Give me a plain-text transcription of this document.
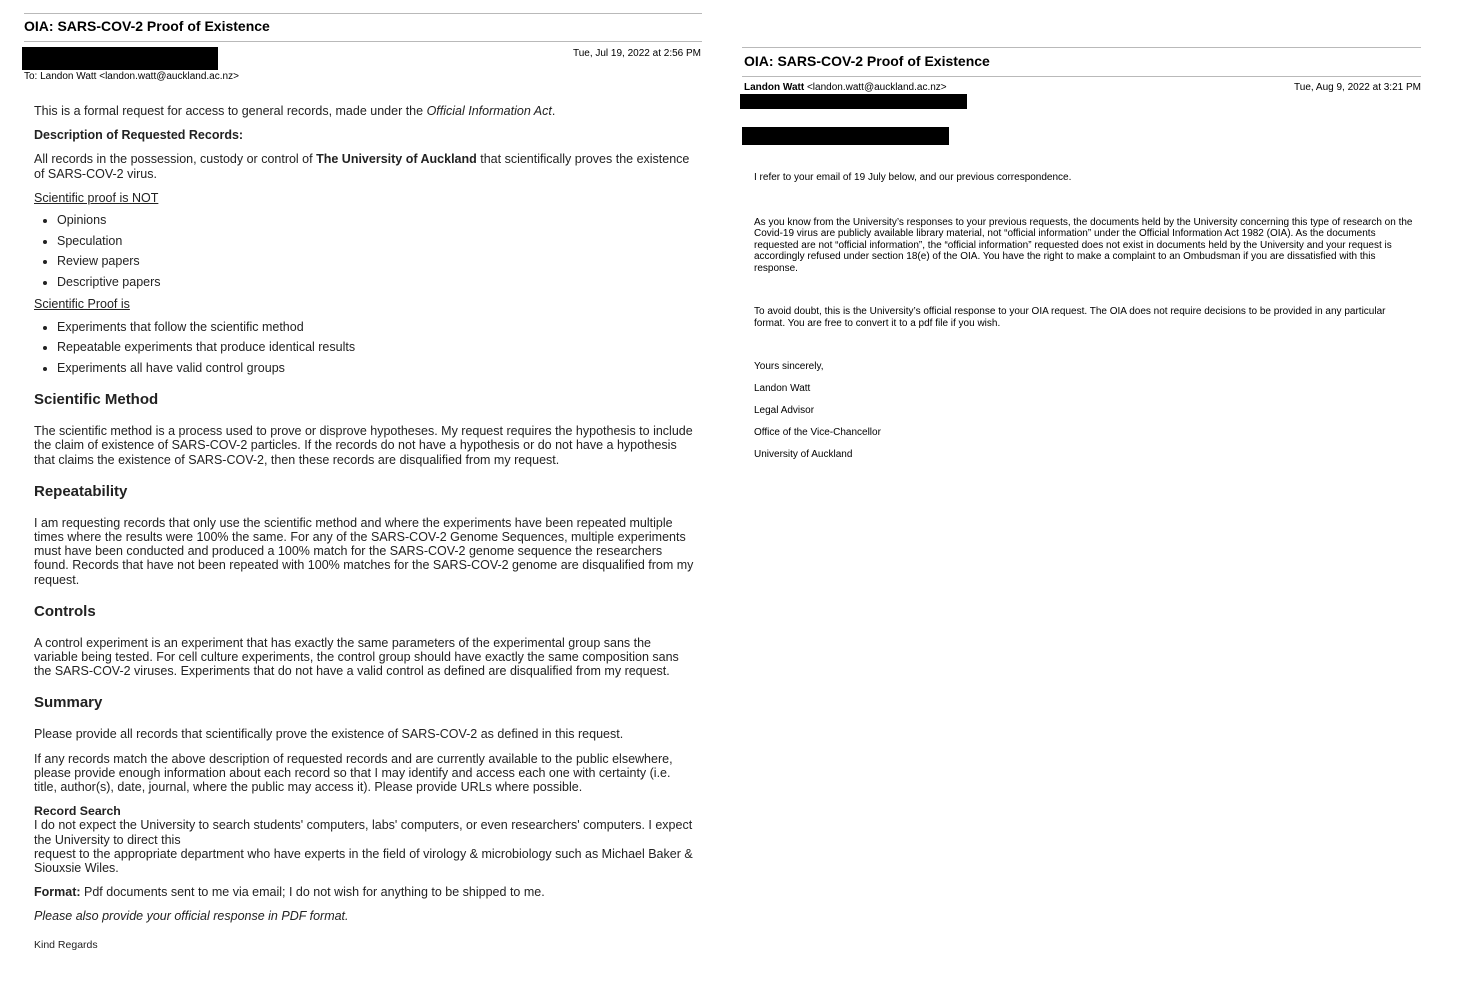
OIA: SARS-COV-2 Proof of Existence
Tue, Jul 19, 2022 at 2:56 PM
To: Landon Watt <landon.watt@auckland.ac.nz>

This is a formal request for access to general records, made under the Official Information Act.

Description of Requested Records:

All records in the possession, custody or control of The University of Auckland that scientifically proves the existence of SARS-COV-2 virus.

Scientific proof is NOT

• Opinions
• Speculation
• Review papers
• Descriptive papers

Scientific Proof is

• Experiments that follow the scientific method
• Repeatable experiments that produce identical results
• Experiments all have valid control groups
Scientific Method

The scientific method is a process used to prove or disprove hypotheses. My request requires the hypothesis to include the claim of existence of SARS-COV-2 particles. If the records do not have a hypothesis or do not have a hypothesis that claims the existence of SARS-COV-2, then these records are disqualified from my request.

Repeatability

I am requesting records that only use the scientific method and where the experiments have been repeated multiple times where the results were 100% the same. For any of the SARS-COV-2 Genome Sequences, multiple experiments must have been conducted and produced a 100% match for the SARS-COV-2 genome sequence the researchers found. Records that have not been repeated with 100% matches for the SARS-COV-2 genome are disqualified from my request.

Controls

A control experiment is an experiment that has exactly the same parameters of the experimental group sans the variable being tested. For cell culture experiments, the control group should have exactly the same composition sans the SARS-COV-2 viruses. Experiments that do not have a valid control as defined are disqualified from my request.

Summary

Please provide all records that scientifically prove the existence of SARS-COV-2 as defined in this request.

If any records match the above description of requested records and are currently available to the public elsewhere, please provide enough information about each record so that I may identify and access each one with certainty (i.e. title, author(s), date, journal, where the public may access it). Please provide URLs where possible.

Record Search
I do not expect the University to search students' computers, labs' computers, or even researchers' computers. I expect the University to direct this

request to the appropriate department who have experts in the field of virology & microbiology such as Michael Baker & Siouxsie Wiles.

Format: Pdf documents sent to me via email; I do not wish for anything to be shipped to me.

Please also provide your official response in PDF format.

Kind Regards
OIA: SARS-COV-2 Proof of Existence
Landon Watt <landon.watt@auckland.ac.nz>	Tue, Aug 9, 2022 at 3:21 PM

I refer to your email of 19 July below, and our previous correspondence.

As you know from the University’s responses to your previous requests, the documents held by the University concerning this type of research on the Covid-19 virus are publicly available library material, not “official information” under the Official Information Act 1982 (OIA). As the documents requested are not “official information”, the “official information” requested does not exist in documents held by the University and your request is accordingly refused under section 18(e) of the OIA. You have the right to make a complaint to an Ombudsman if you are dissatisfied with this response.

To avoid doubt, this is the University’s official response to your OIA request. The OIA does not require decisions to be provided in any particular format. You are free to convert it to a pdf file if you wish.

Yours sincerely,

Landon Watt

Legal Advisor

Office of the Vice-Chancellor

University of Auckland
